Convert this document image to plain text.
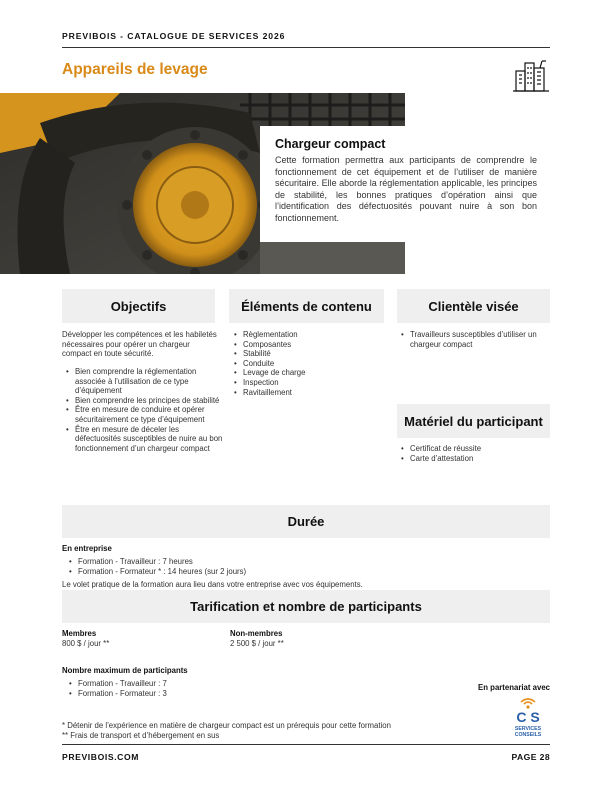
PREVIBOIS - CATALOGUE DE SERVICES 2026
Appareils de levage
Chargeur compact

Cette formation permettra aux participants de comprendre le fonctionnement de cet équipement et de l’utiliser de manière sécuritaire. Elle aborde la réglementation applicable, les principes de stabilité, les bonnes pratiques d’opération ainsi que l’identification des défectuosités pouvant nuire à son bon fonctionnement.

Objectifs	Éléments de contenu	Clientèle visée
Développer les compétences et les habiletés nécessaires pour opérer un chargeur compact en toute sécurité.
• Bien comprendre la réglementation associée à l’utilisation de ce type d’équipement
• Bien comprendre les principes de stabilité
• Être en mesure de conduire et opérer sécuritairement ce type d’équipement
• Être en mesure de déceler les défectuosités susceptibles de nuire au bon fonctionnement d’un chargeur compact
• Règlementation
• Composantes
• Stabilité
• Conduite
• Levage de charge
• Inspection
• Ravitaillement
• Travailleurs susceptibles d’utiliser un chargeur compact
Matériel du participant
• Certificat de réussite
• Carte d’attestation
Durée
En entreprise
• Formation - Travailleur : 7 heures
• Formation - Formateur * : 14 heures (sur 2 jours)
Le volet pratique de la formation aura lieu dans votre entreprise avec vos équipements.
Tarification et nombre de participants
Membres
800 $ / jour **
Non-membres
2 500 $ / jour **
Nombre maximum de participants
• Formation - Travailleur : 7
• Formation - Formateur : 3
En partenariat avec
C S
SERVICES
CONSEILS
* Détenir de l’expérience en matière de chargeur compact est un prérequis pour cette formation
** Frais de transport et d’hébergement en sus
PREVIBOIS.COM	PAGE 28
